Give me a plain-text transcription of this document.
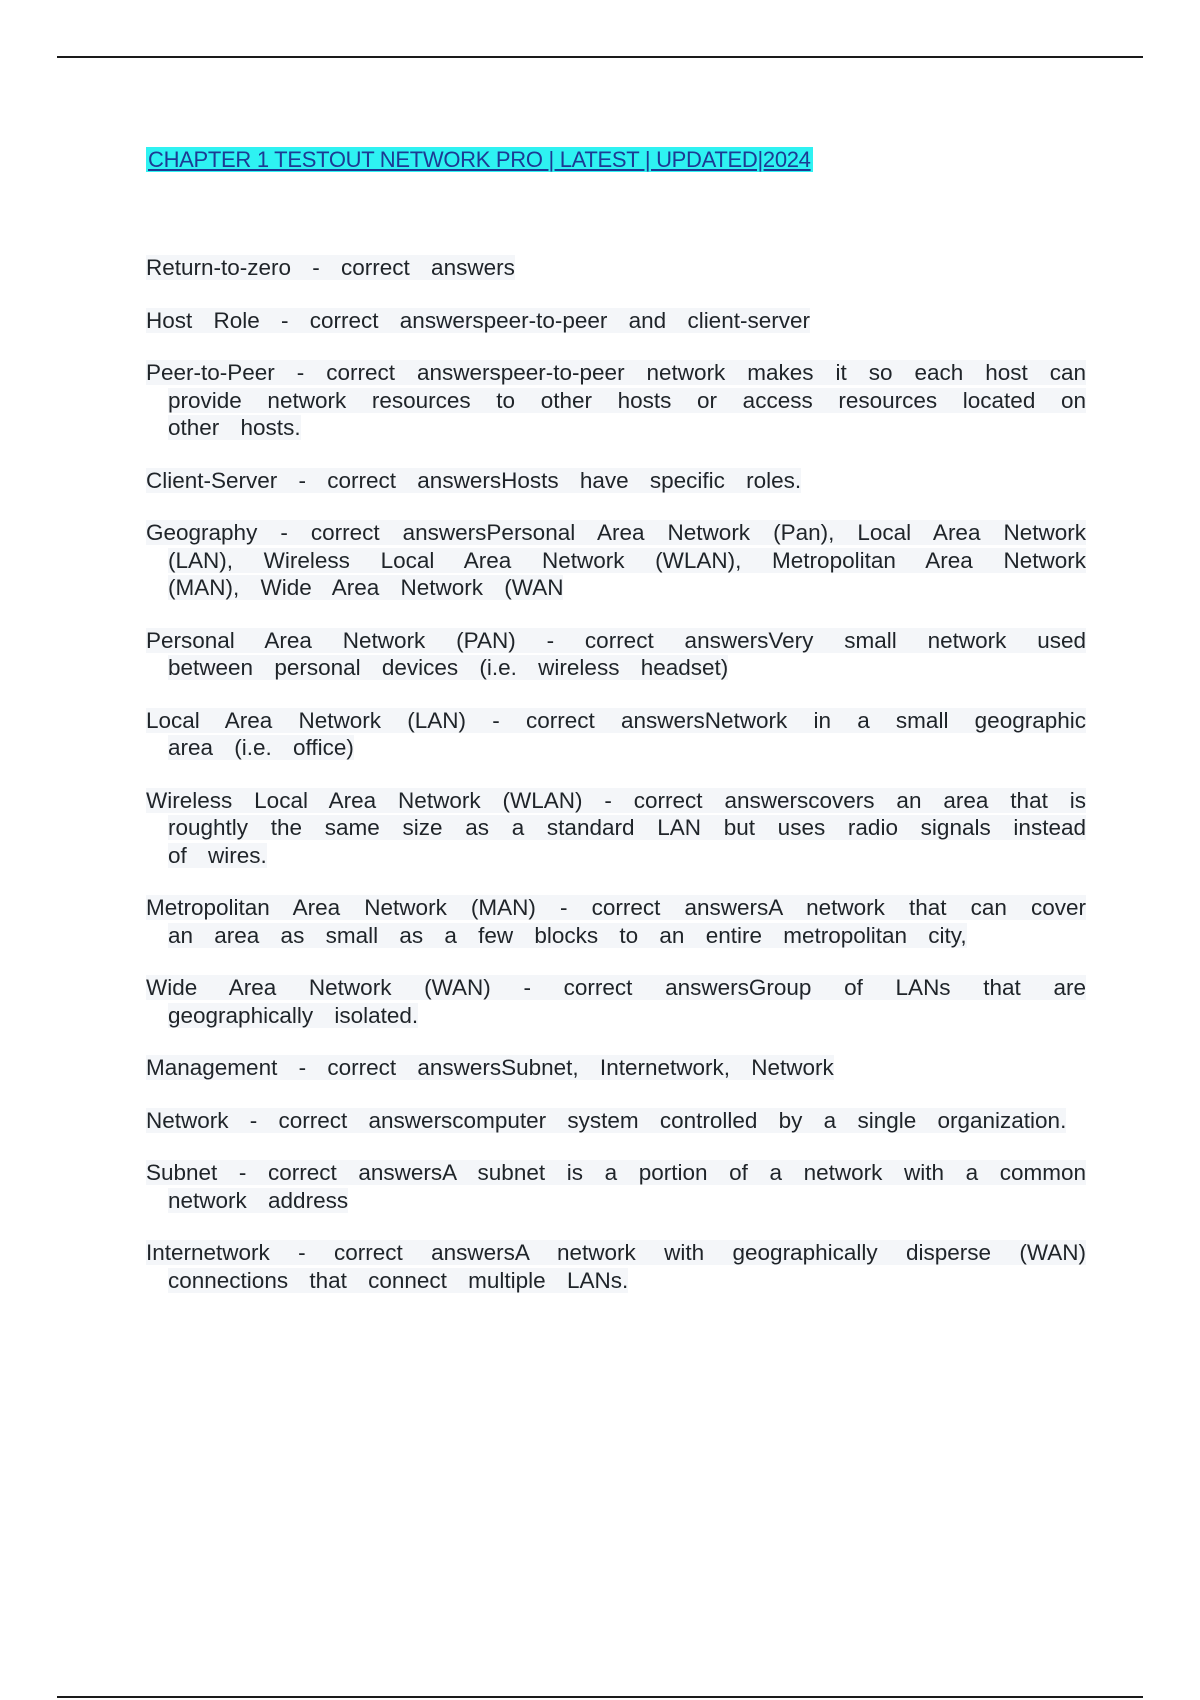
CHAPTER 1 TESTOUT NETWORK PRO | LATEST | UPDATED|2024

Return-to-zero - correct answers

Host Role - correct answerspeer-to-peer and client-server

Peer-to-Peer - correct answerspeer-to-peer network makes it so each host can provide network resources to other hosts or access resources located on other hosts.

Client-Server - correct answersHosts have specific roles.

Geography - correct answersPersonal Area Network (Pan), Local Area Network (LAN), Wireless Local Area Network (WLAN), Metropolitan Area Network (MAN), Wide Area Network (WAN

Personal Area Network (PAN) - correct answersVery small network used between personal devices (i.e. wireless headset)

Local Area Network (LAN) - correct answersNetwork in a small geographic area (i.e. office)

Wireless Local Area Network (WLAN) - correct answerscovers an area that is roughtly the same size as a standard LAN but uses radio signals instead of wires.

Metropolitan Area Network (MAN) - correct answersA network that can cover an area as small as a few blocks to an entire metropolitan city,

Wide Area Network (WAN) - correct answersGroup of LANs that are geographically isolated.

Management - correct answersSubnet, Internetwork, Network

Network - correct answerscomputer system controlled by a single organization.

Subnet - correct answersA subnet is a portion of a network with a common network address

Internetwork - correct answersA network with geographically disperse (WAN) connections that connect multiple LANs.
